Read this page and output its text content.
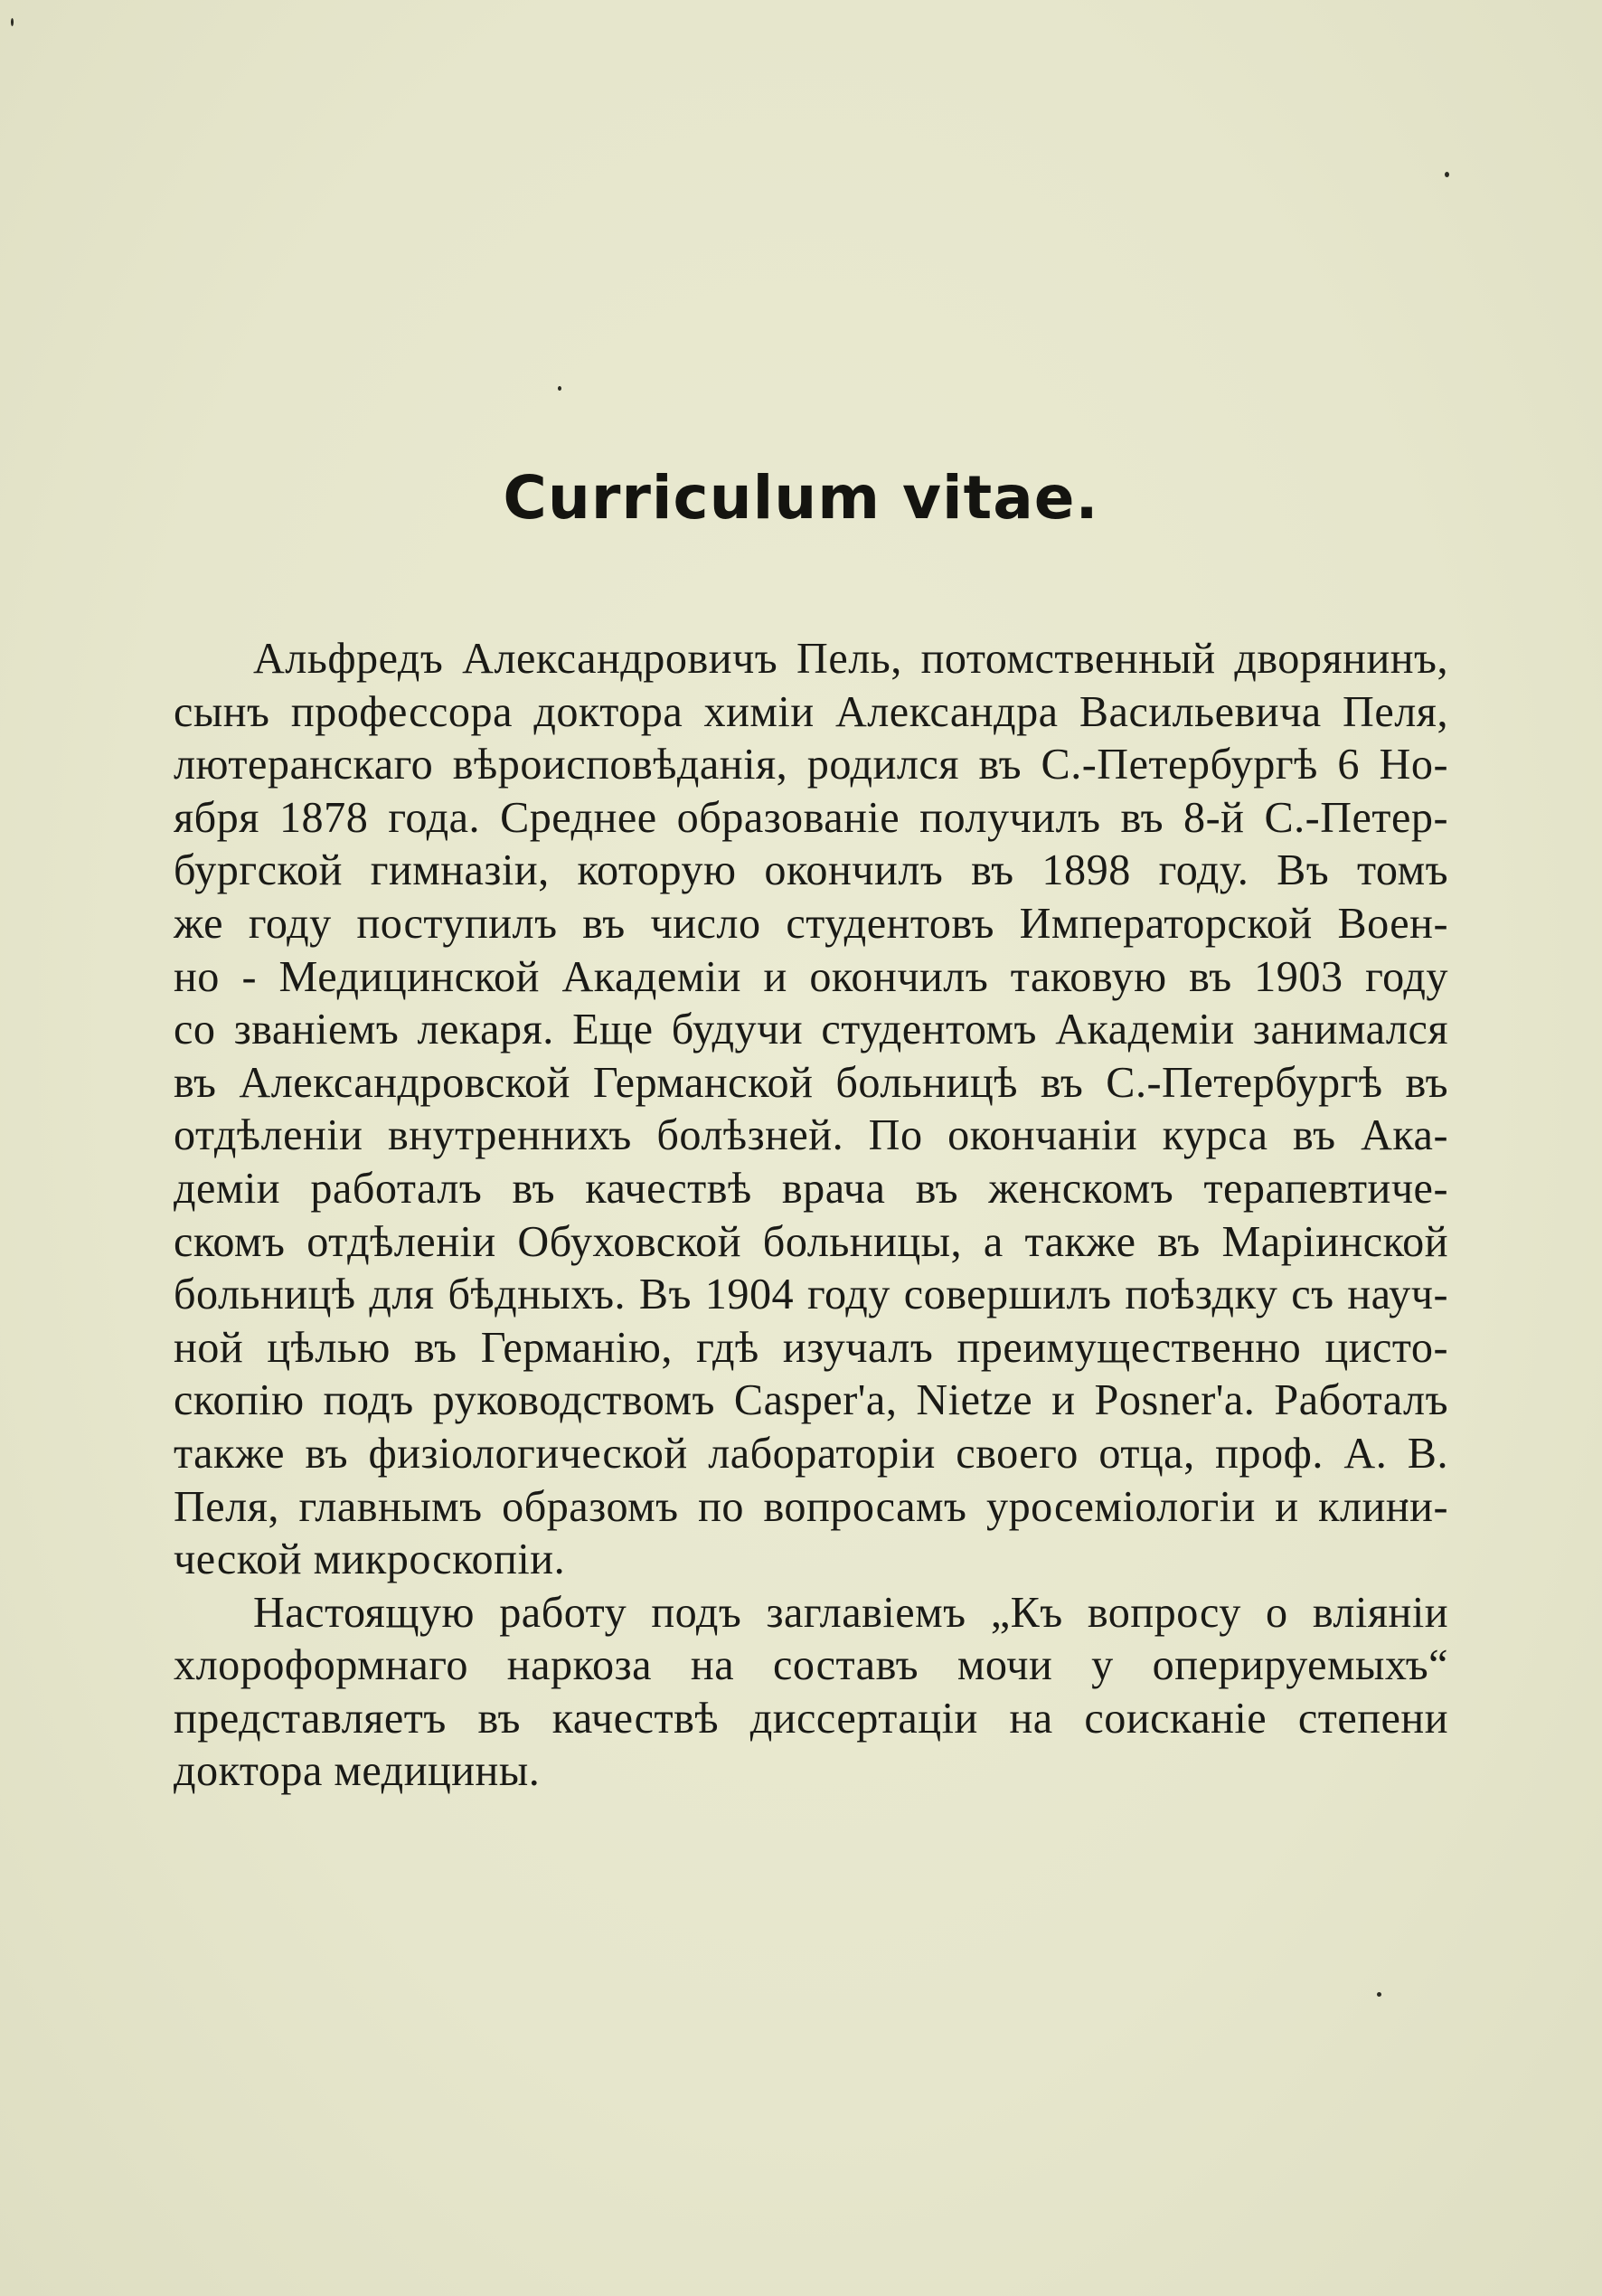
Curriculum vitae.
Альфредъ Александровичъ Пель, потомственный дворянинъ,
сынъ профессора доктора химіи Александра Васильевича Пеля,
лютеранскаго вѣроисповѣданія, родился въ С.-Петербургѣ 6 Но-
ября 1878 года. Среднее образованіе получилъ въ 8-й С.-Петер-
бургской гимназіи, которую окончилъ въ 1898 году. Въ томъ
же году поступилъ въ число студентовъ Императорской Воен-
но - Медицинской Академіи и окончилъ таковую въ 1903 году
со званіемъ лекаря. Еще будучи студентомъ Академіи занимался
въ Александровской Германской больницѣ въ С.-Петербургѣ въ
отдѣленіи внутреннихъ болѣзней. По окончаніи курса въ Ака-
деміи работалъ въ качествѣ врача въ женскомъ терапевтиче-
скомъ отдѣленіи Обуховской больницы, а также въ Маріинской
больницѣ для бѣдныхъ. Въ 1904 году совершилъ поѣздку съ науч-
ной цѣлью въ Германію, гдѣ изучалъ преимущественно цисто-
скопію подъ руководствомъ Casper'а, Nietze и Posner'а. Работалъ
также въ физіологической лабораторіи своего отца, проф. А. В.
Пеля, главнымъ образомъ по вопросамъ уросеміологіи и клини-
ческой микроскопіи.
Настоящую работу подъ заглавіемъ „Къ вопросу о вліяніи
хлороформнаго наркоза на составъ мочи у оперируемыхъ“
представляетъ въ качествѣ диссертаціи на соисканіе степени
доктора медицины.
